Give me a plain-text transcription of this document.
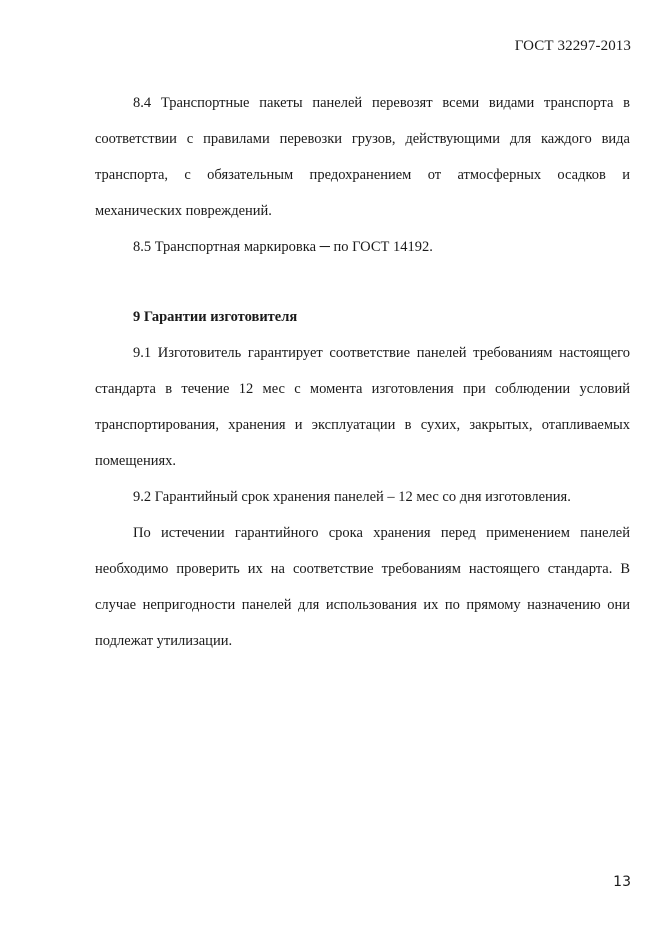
ГОСТ 32297-2013

8.4 Транспортные пакеты панелей перевозят всеми видами транспорта в соответствии с правилами перевозки грузов, действующими для каждого вида транспорта, с обязательным предохранением от атмосферных осадков и механических повреждений.

8.5 Транспортная маркировка ─ по ГОСТ 14192.

9 Гарантии изготовителя

9.1 Изготовитель гарантирует соответствие панелей требованиям настоящего стандарта в течение 12 мес с момента изготовления при соблюдении условий транспортирования, хранения и эксплуатации в сухих, закрытых, отапливаемых помещениях.

9.2 Гарантийный срок хранения панелей – 12 мес со дня изготовления.

По истечении гарантийного срока хранения перед применением панелей необходимо проверить их на соответствие требованиям настоящего стандарта. В случае непригодности панелей для использования их по прямому назначению они подлежат утилизации.

13
